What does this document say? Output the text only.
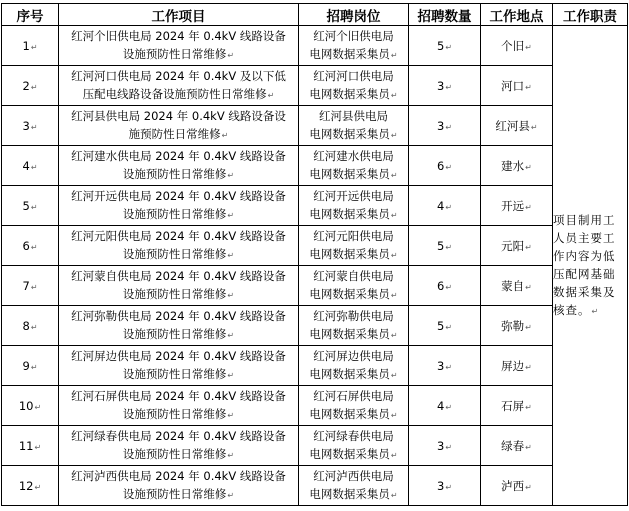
序号	工作项目	招聘岗位	招聘数量	工作地点	工作职责
1↵	红河个旧供电局 2024 年 0.4kV 线路设备
设施预防性日常维修↵	红河个旧供电局
电网数据采集员↵	5↵	个旧↵	项目制用工人员主要工作内容为低压配网基础数据采集及核查。↵
2↵	红河河口供电局 2024 年 0.4kV 及以下低
压配电线路设备设施预防性日常维修↵	红河河口供电局
电网数据采集员↵	3↵	河口↵	
3↵	红河县供电局 2024 年 0.4kV 线路设备设
施预防性日常维修↵	红河县供电局
电网数据采集员↵	3↵	红河县↵	
4↵	红河建水供电局 2024 年 0.4kV 线路设备
设施预防性日常维修↵	红河建水供电局
电网数据采集员↵	6↵	建水↵	
5↵	红河开远供电局 2024 年 0.4kV 线路设备
设施预防性日常维修↵	红河开远供电局
电网数据采集员↵	4↵	开远↵	
6↵	红河元阳供电局 2024 年 0.4kV 线路设备
设施预防性日常维修↵	红河元阳供电局
电网数据采集员↵	5↵	元阳↵	
7↵	红河蒙自供电局 2024 年 0.4kV 线路设备
设施预防性日常维修↵	红河蒙自供电局
电网数据采集员↵	6↵	蒙自↵	
8↵	红河弥勒供电局 2024 年 0.4kV 线路设备
设施预防性日常维修↵	红河弥勒供电局
电网数据采集员↵	5↵	弥勒↵	
9↵	红河屏边供电局 2024 年 0.4kV 线路设备
设施预防性日常维修↵	红河屏边供电局
电网数据采集员↵	3↵	屏边↵	
10↵	红河石屏供电局 2024 年 0.4kV 线路设备
设施预防性日常维修↵	红河石屏供电局
电网数据采集员↵	4↵	石屏↵	
11↵	红河绿春供电局 2024 年 0.4kV 线路设备
设施预防性日常维修↵	红河绿春供电局
电网数据采集员↵	3↵	绿春↵	
12↵	红河泸西供电局 2024 年 0.4kV 线路设备
设施预防性日常维修↵	红河泸西供电局
电网数据采集员↵	3↵	泸西↵	
